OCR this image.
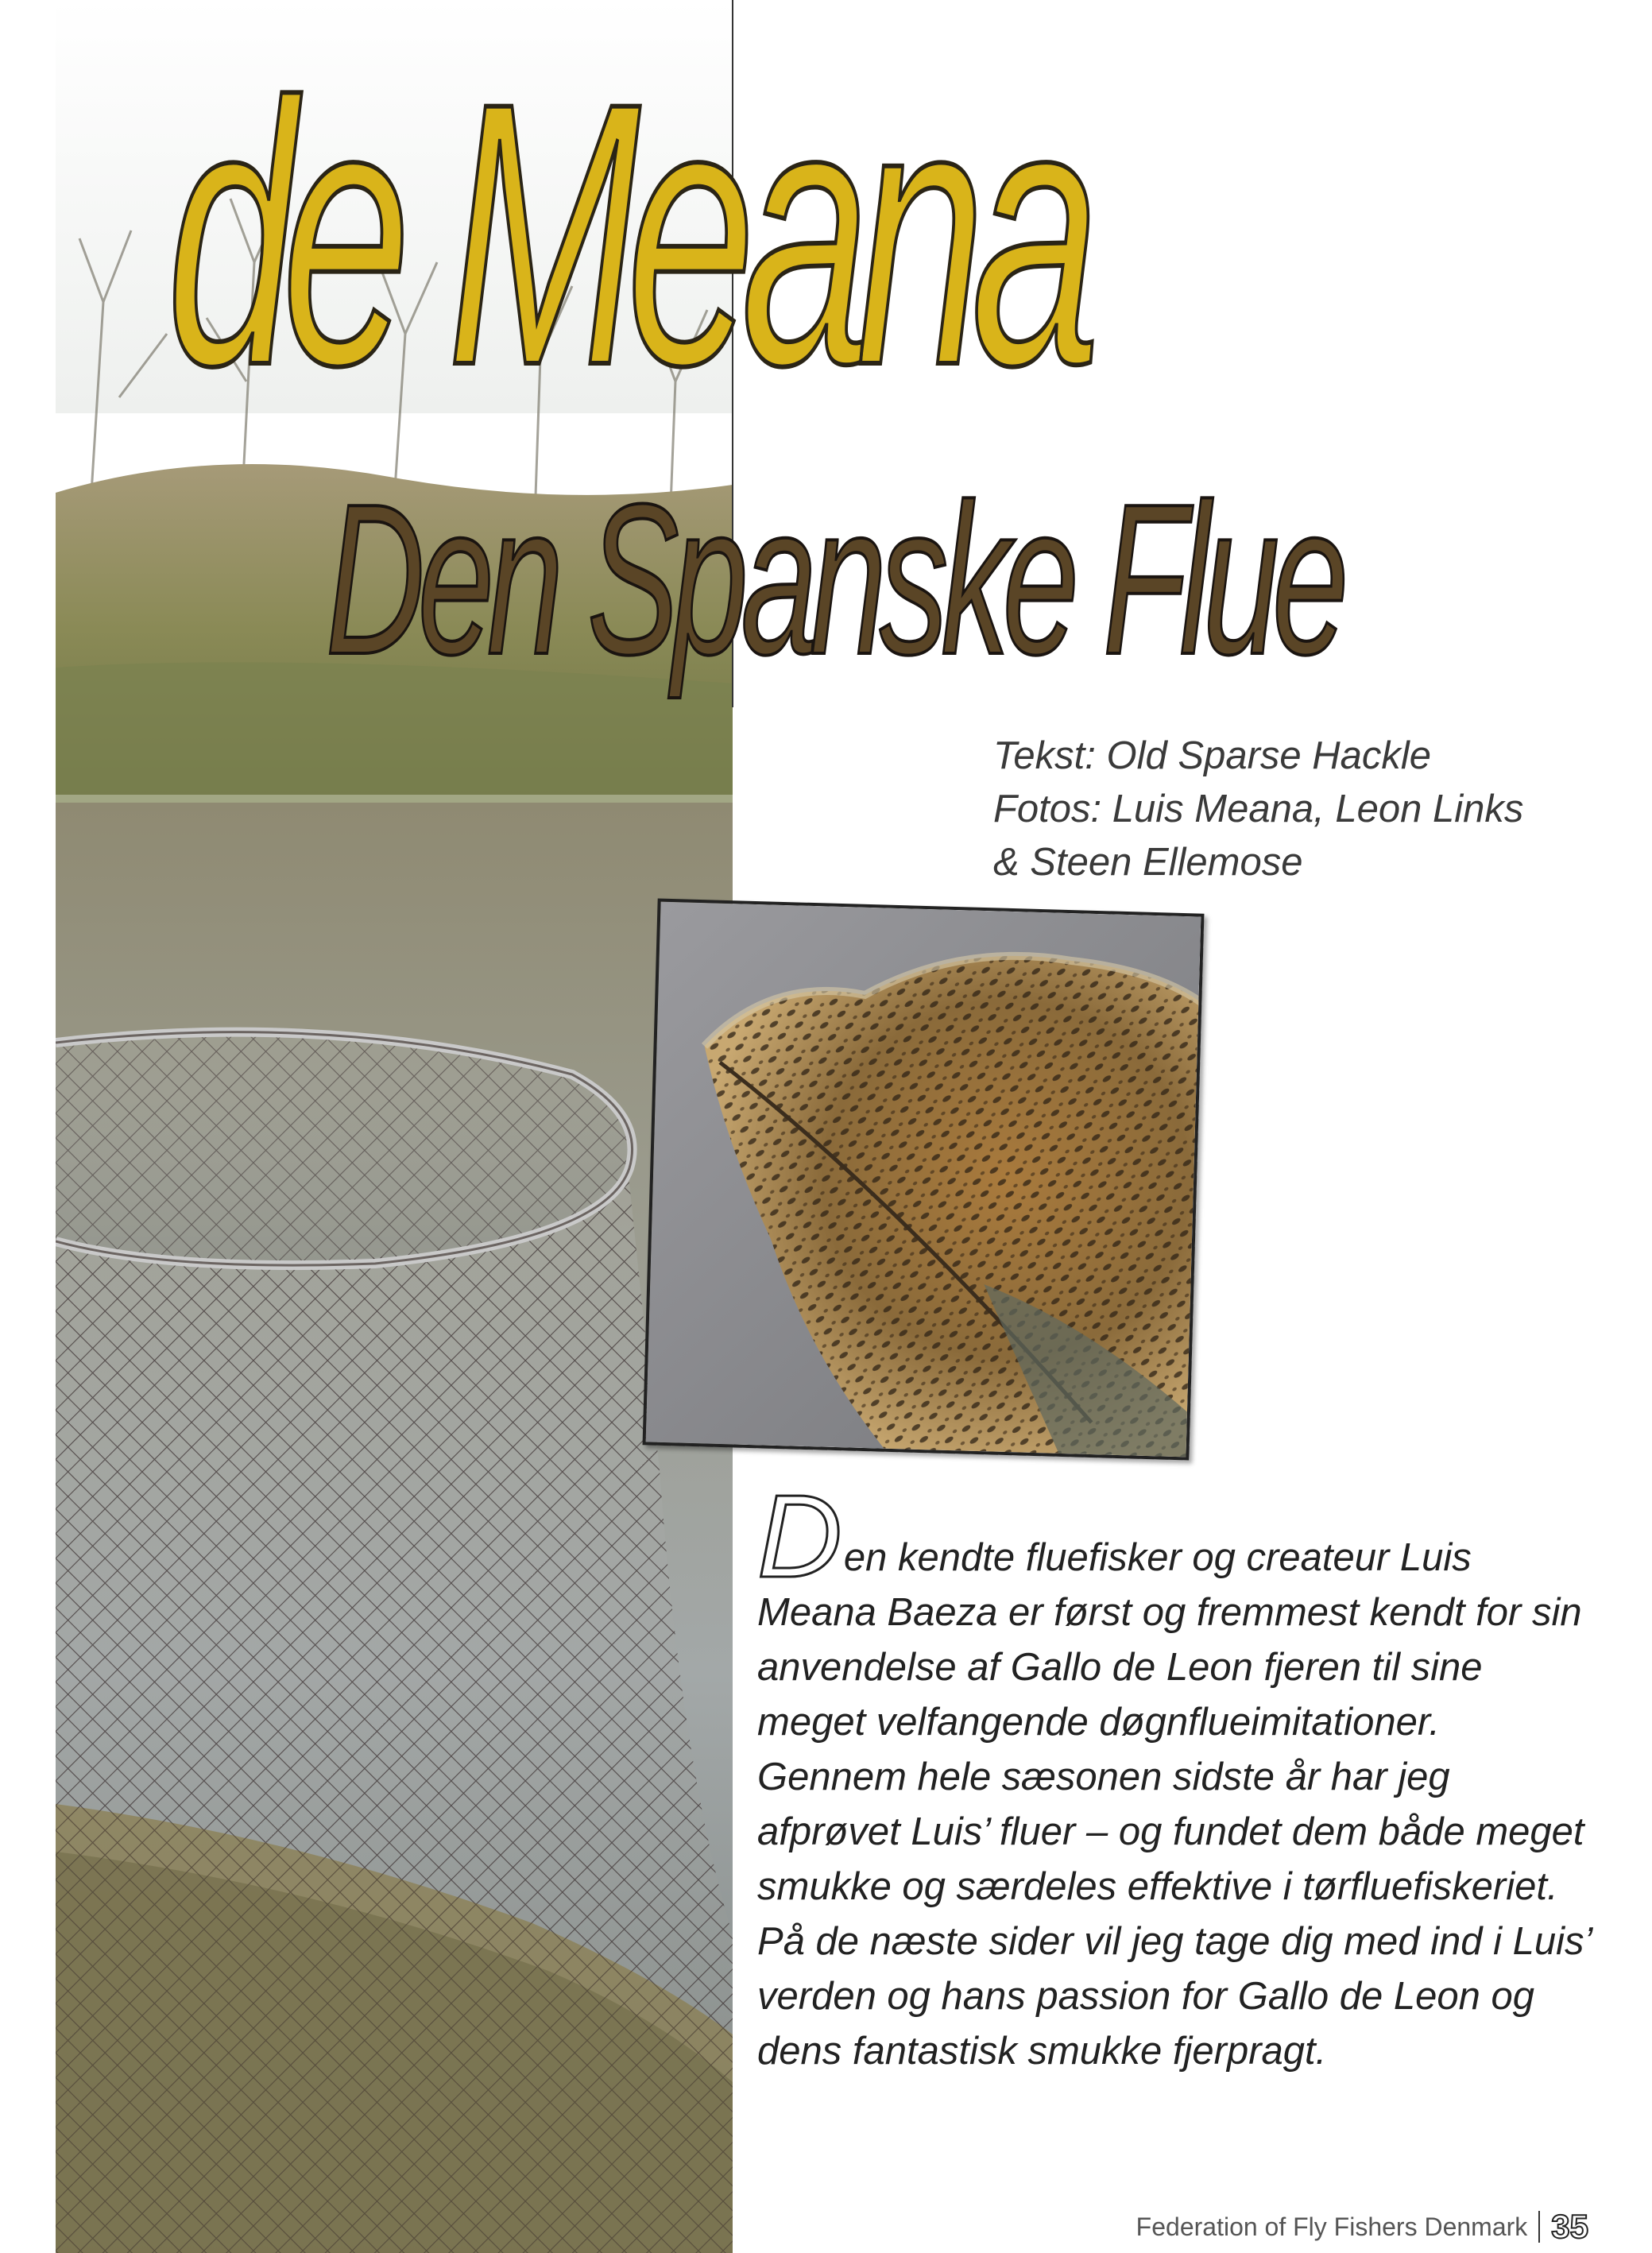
de Meana
Den Spanske Flue
Tekst: Old Sparse Hackle
Fotos: Luis Meana, Leon Links
& Steen Ellemose

D en kendte fluefisker og createur Luis Meana Baeza er først og fremmest kendt for sin anvendelse af Gallo de Leon fjeren til sine meget velfangende døgnflueimitationer.

Gennem hele sæsonen sidste år har jeg afprøvet Luis’ fluer – og fundet dem både meget smukke og særdeles effektive i tørfluefiskeriet.

På de næste sider vil jeg tage dig med ind i Luis’ verden og hans passion for Gallo de Leon og dens fantastisk smukke fjerpragt.

Federation of Fly Fishers Denmark 35
